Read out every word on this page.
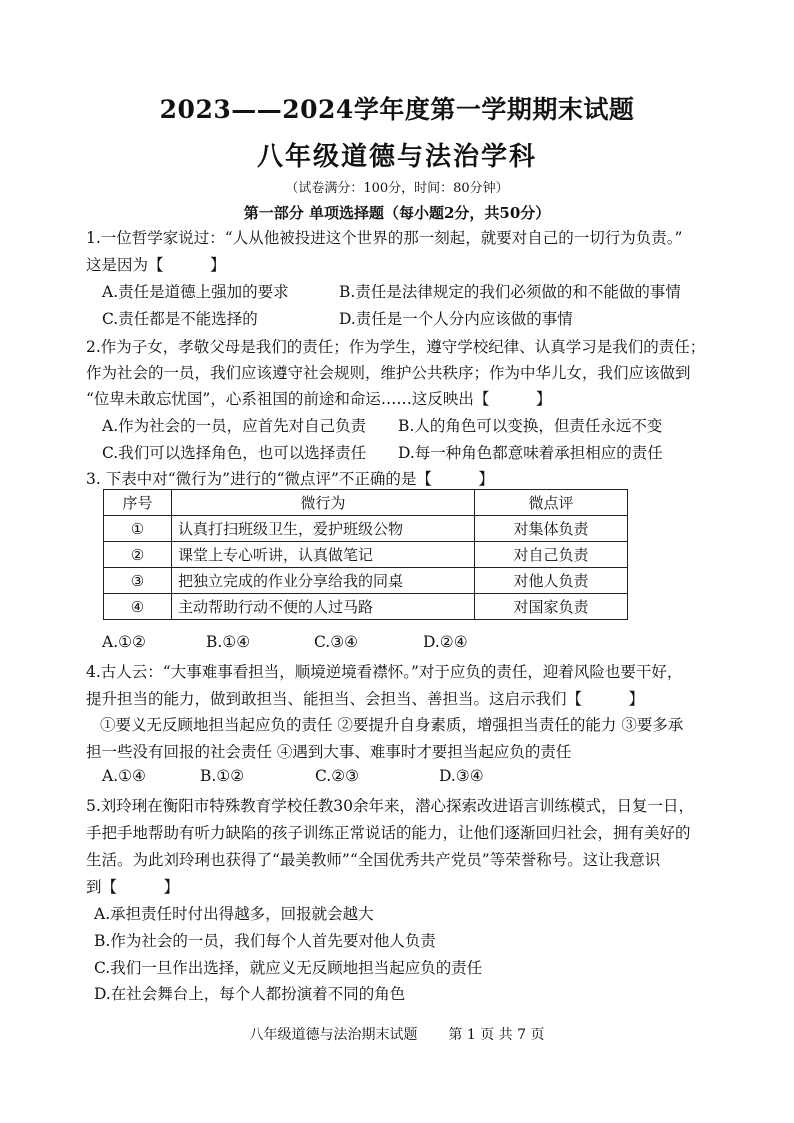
2023——2024学年度第一学期期末试题
八年级道德与法治学科
（试卷满分：100分，时间：80分钟）
第一部分 单项选择题（每小题2分，共50分）
1.一位哲学家说过：“人从他被投进这个世界的那一刻起，就要对自己的一切行为负责。”
这是因为【　　　】
A.责任是道德上强加的要求	B.责任是法律规定的我们必须做的和不能做的事情
C.责任都是不能选择的	D.责任是一个人分内应该做的事情
2.作为子女，孝敬父母是我们的责任；作为学生，遵守学校纪律、认真学习是我们的责任；
作为社会的一员，我们应该遵守社会规则，维护公共秩序；作为中华儿女，我们应该做到
“位卑未敢忘忧国”，心系祖国的前途和命运……这反映出【　　　】
A.作为社会的一员，应首先对自己负责 B.人的角色可以变换，但责任永远不变
C.我们可以选择角色，也可以选择责任 D.每一种角色都意味着承担相应的责任
3. 下表中对“微行为”进行的“微点评”不正确的是【　　　】
序号	微行为	微点评
①	认真打扫班级卫生，爱护班级公物	对集体负责
②	课堂上专心听讲，认真做笔记	对自己负责
③	把独立完成的作业分享给我的同桌	对他人负责
④	主动帮助行动不便的人过马路	对国家负责
A.①②	B.①④	C.③④	D.②④
4.古人云：“大事难事看担当，顺境逆境看襟怀。”对于应负的责任，迎着风险也要干好，
提升担当的能力，做到敢担当、能担当、会担当、善担当。这启示我们【　　　】
①要义无反顾地担当起应负的责任 ②要提升自身素质，增强担当责任的能力 ③要多承
担一些没有回报的社会责任 ④遇到大事、难事时才要担当起应负的责任
A.①④	B.①②	C.②③	D.③④
5.刘玲琍在衡阳市特殊教育学校任教30余年来，潜心探索改进语言训练模式，日复一日，
手把手地帮助有听力缺陷的孩子训练正常说话的能力，让他们逐渐回归社会，拥有美好的
生活。为此刘玲琍也获得了“最美教师”“全国优秀共产党员”等荣誉称号。这让我意识
到【　　　】
A.承担责任时付出得越多，回报就会越大
B.作为社会的一员，我们每个人首先要对他人负责
C.我们一旦作出选择，就应义无反顾地担当起应负的责任
D.在社会舞台上，每个人都扮演着不同的角色
八年级道德与法治期末试题 第 1 页 共 7 页
